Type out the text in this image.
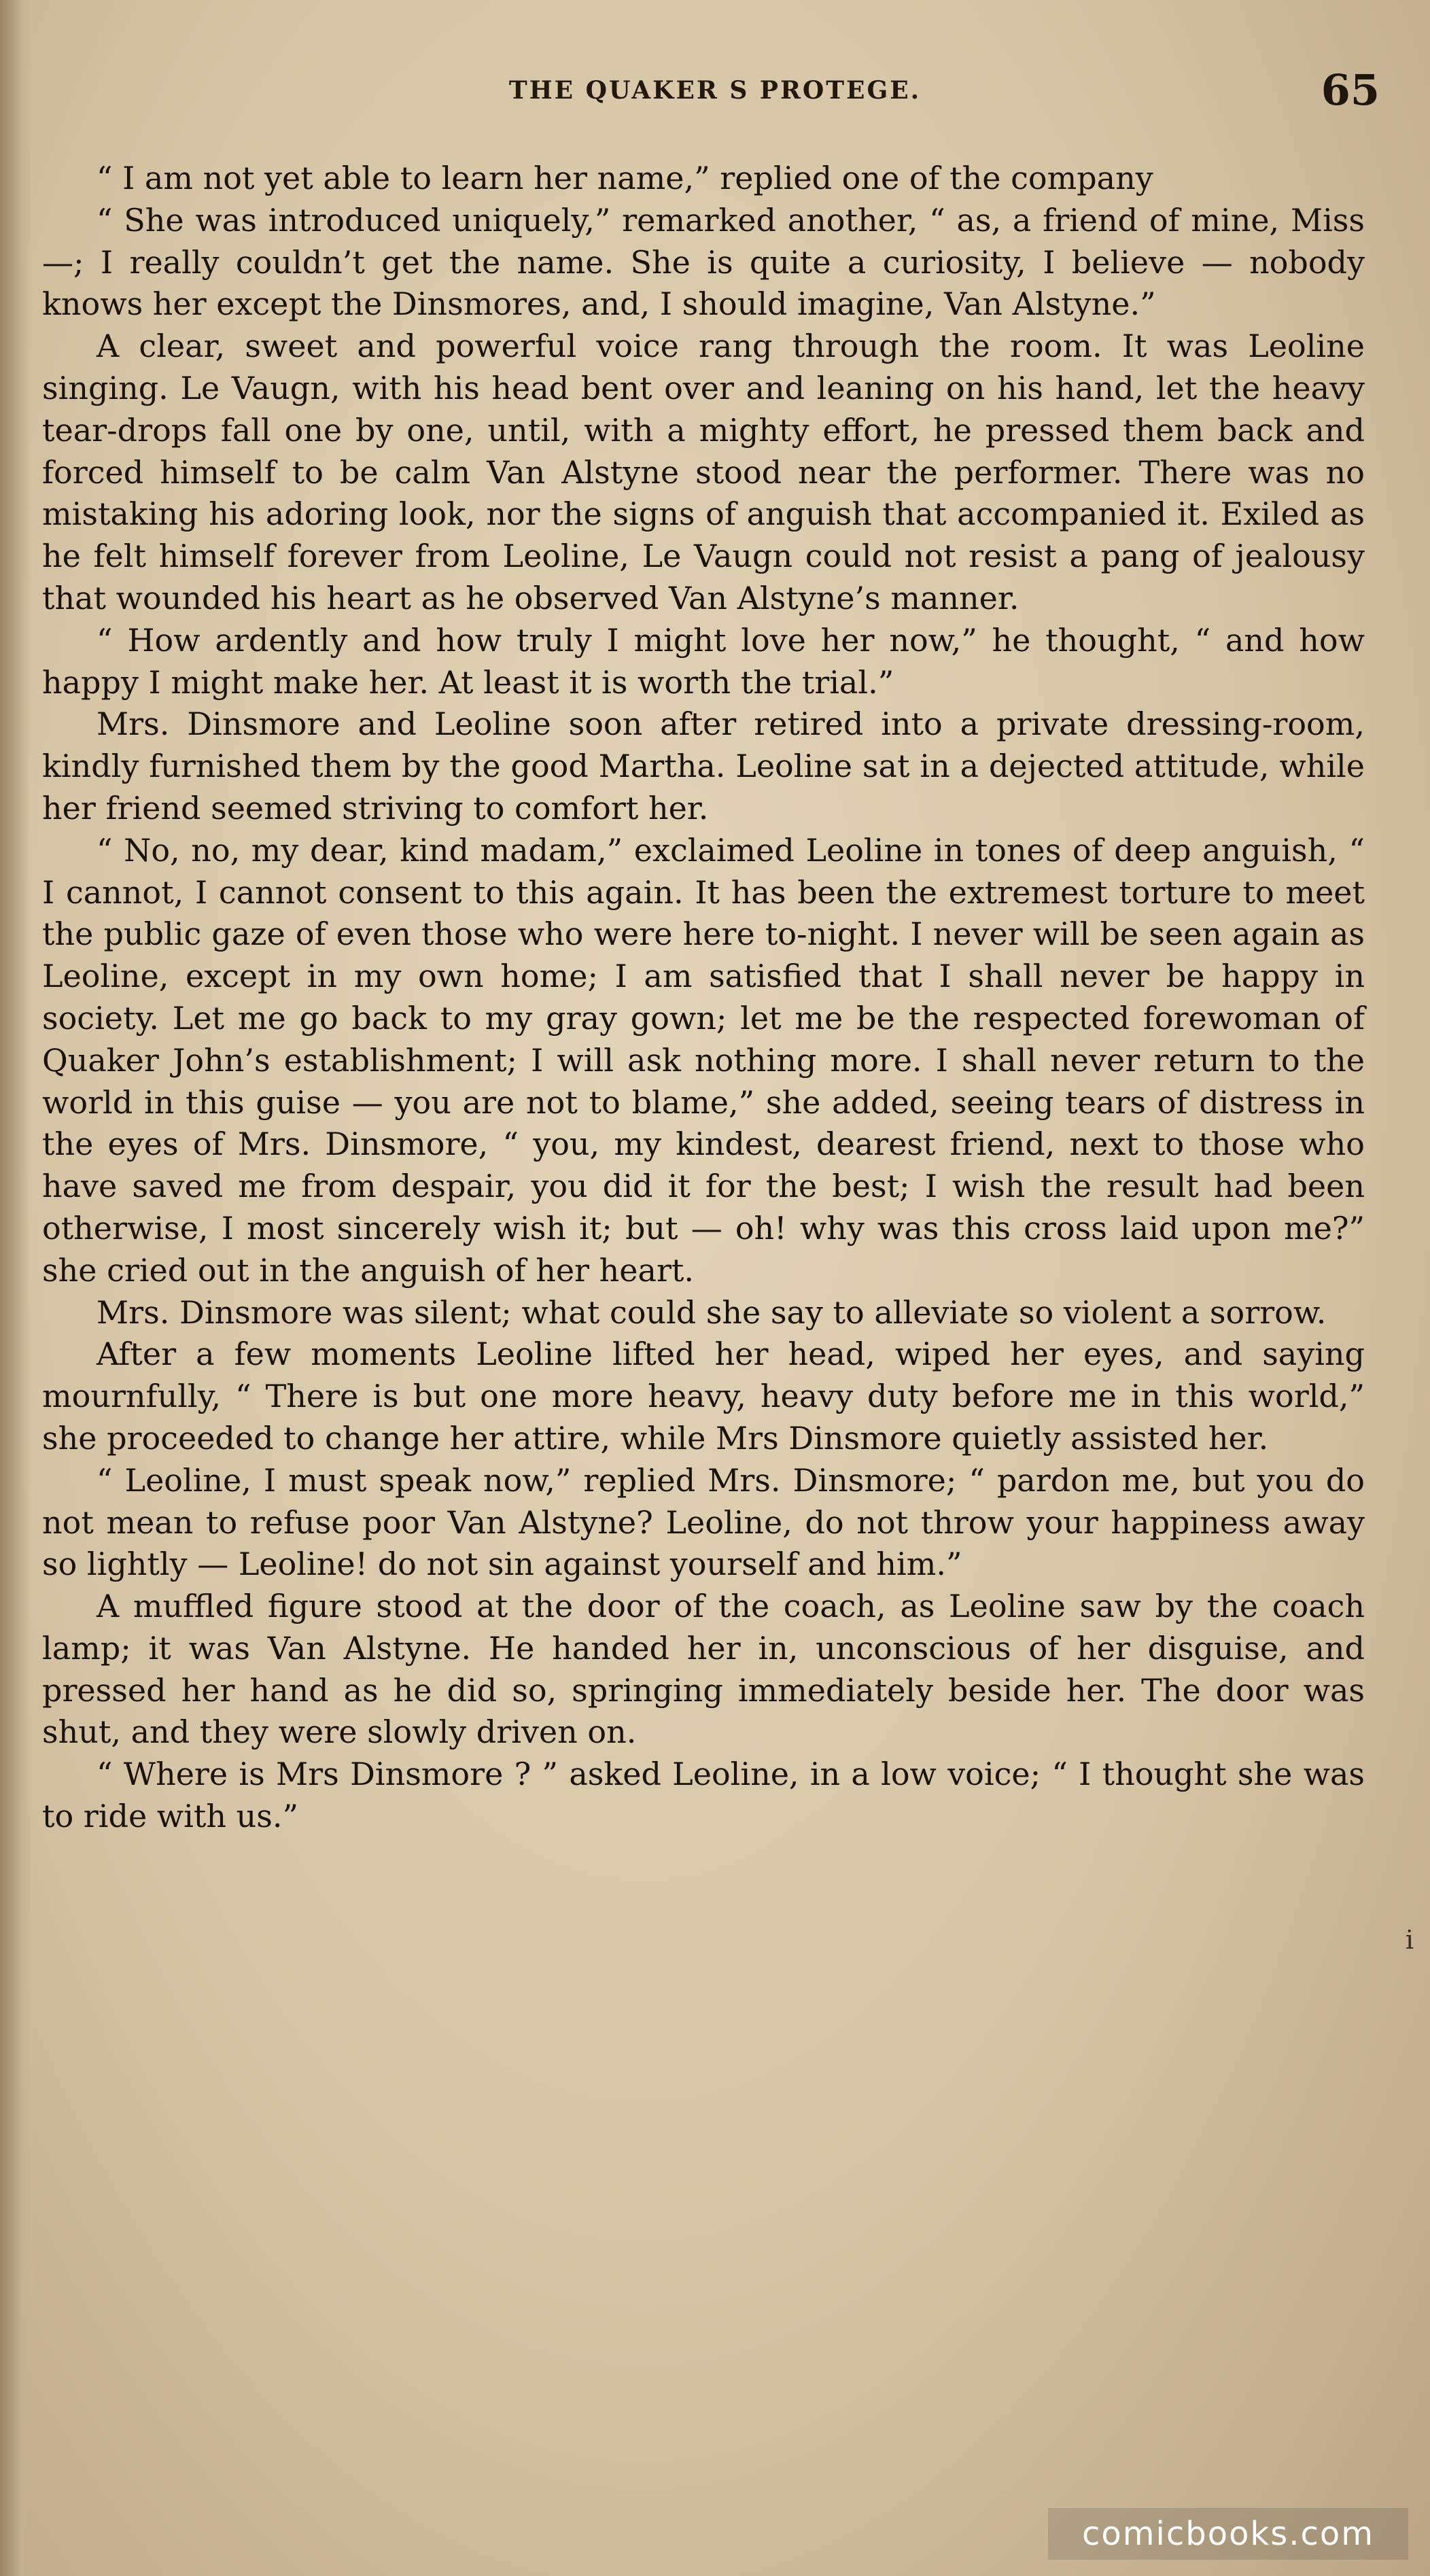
THE QUAKER S PROTEGE.	65

“ I am not yet able to learn her name,” replied one of the company

“ She was introduced uniquely,” remarked another, “ as, a friend of mine, Miss —; I really couldn’t get the name. She is quite a curiosity, I believe — nobody knows her except the Dinsmores, and, I should imagine, Van Alstyne.”

A clear, sweet and powerful voice rang through the room. It was Leoline singing. Le Vaugn, with his head bent over and leaning on his hand, let the heavy tear-drops fall one by one, until, with a mighty effort, he pressed them back and forced himself to be calm Van Alstyne stood near the performer. There was no mistaking his adoring look, nor the signs of anguish that accompanied it. Exiled as he felt himself forever from Leoline, Le Vaugn could not resist a pang of jealousy that wounded his heart as he observed Van Alstyne’s manner.

“ How ardently and how truly I might love her now,” he thought, “ and how happy I might make her. At least it is worth the trial.”

Mrs. Dinsmore and Leoline soon after retired into a private dressing-room, kindly furnished them by the good Martha. Leoline sat in a dejected attitude, while her friend seemed striving to comfort her.

“ No, no, my dear, kind madam,” exclaimed Leoline in tones of deep anguish, “ I cannot, I cannot consent to this again. It has been the extremest torture to meet the public gaze of even those who were here to-night. I never will be seen again as Leoline, except in my own home; I am satisfied that I shall never be happy in society. Let me go back to my gray gown; let me be the respected forewoman of Quaker John’s establishment; I will ask nothing more. I shall never return to the world in this guise — you are not to blame,” she added, seeing tears of distress in the eyes of Mrs. Dinsmore, “ you, my kindest, dearest friend, next to those who have saved me from despair, you did it for the best; I wish the result had been otherwise, I most sincerely wish it; but — oh! why was this cross laid upon me?” she cried out in the anguish of her heart.

Mrs. Dinsmore was silent; what could she say to alleviate so violent a sorrow.

After a few moments Leoline lifted her head, wiped her eyes, and saying mournfully, “ There is but one more heavy, heavy duty before me in this world,” she proceeded to change her attire, while Mrs Dinsmore quietly assisted her.

“ Leoline, I must speak now,” replied Mrs. Dinsmore; “ pardon me, but you do not mean to refuse poor Van Alstyne? Leoline, do not throw your happiness away so lightly — Leoline! do not sin against yourself and him.”

A muffled figure stood at the door of the coach, as Leoline saw by the coach lamp; it was Van Alstyne. He handed her in, unconscious of her disguise, and pressed her hand as he did so, springing immediately beside her. The door was shut, and they were slowly driven on.

“ Where is Mrs Dinsmore ? ” asked Leoline, in a low voice; “ I thought she was to ride with us.”

i
comicbooks.com
